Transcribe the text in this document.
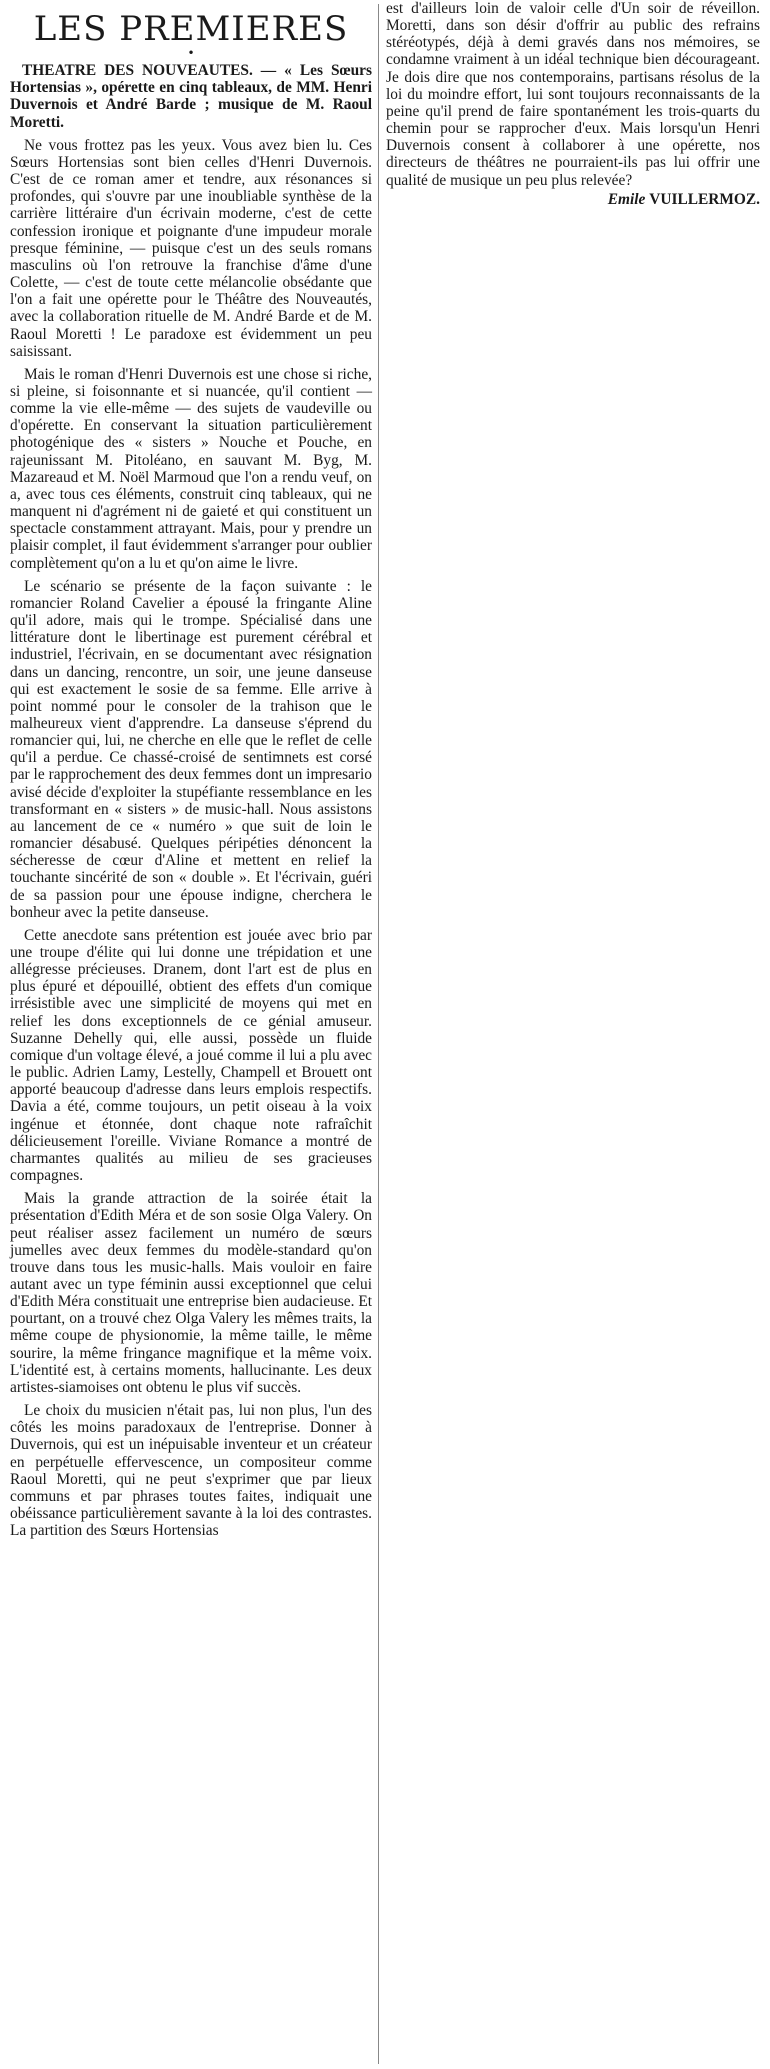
LES PREMIERES
•

THEATRE DES NOUVEAUTES. — « Les Sœurs Hortensias », opérette en cinq tableaux, de MM. Henri Duvernois et André Barde ; musique de M. Raoul Moretti.

Ne vous frottez pas les yeux. Vous avez bien lu. Ces Sœurs Hortensias sont bien celles d'Henri Duvernois. C'est de ce roman amer et tendre, aux résonances si profondes, qui s'ouvre par une inoubliable synthèse de la carrière littéraire d'un écrivain moderne, c'est de cette confession ironique et poignante d'une impudeur morale presque féminine, — puisque c'est un des seuls romans masculins où l'on retrouve la franchise d'âme d'une Colette, — c'est de toute cette mélancolie obsédante que l'on a fait une opérette pour le Théâtre des Nouveautés, avec la collaboration rituelle de M. André Barde et de M. Raoul Moretti ! Le paradoxe est évidemment un peu saisissant.

Mais le roman d'Henri Duvernois est une chose si riche, si pleine, si foisonnante et si nuancée, qu'il contient — comme la vie elle-même — des sujets de vaudeville ou d'opérette. En conservant la situation particulièrement photogénique des « sisters » Nouche et Pouche, en rajeunissant M. Pitoléano, en sauvant M. Byg, M. Mazareaud et M. Noël Marmoud que l'on a rendu veuf, on a, avec tous ces éléments, construit cinq tableaux, qui ne manquent ni d'agrément ni de gaieté et qui constituent un spectacle constamment attrayant. Mais, pour y prendre un plaisir complet, il faut évidemment s'arranger pour oublier complètement qu'on a lu et qu'on aime le livre.

Le scénario se présente de la façon suivante : le romancier Roland Cavelier a épousé la fringante Aline qu'il adore, mais qui le trompe. Spécialisé dans une littérature dont le libertinage est purement cérébral et industriel, l'écrivain, en se documentant avec résignation dans un dancing, rencontre, un soir, une jeune danseuse qui est exactement le sosie de sa femme. Elle arrive à point nommé pour le consoler de la trahison que le malheureux vient d'apprendre. La danseuse s'éprend du romancier qui, lui, ne cherche en elle que le reflet de celle qu'il a perdue. Ce chassé-croisé de sentimnets est corsé par le rapprochement des deux femmes dont un impresario avisé décide d'exploiter la stupéfiante ressemblance en les transformant en « sisters » de music-hall. Nous assistons au lancement de ce « numéro » que suit de loin le romancier désabusé. Quelques péripéties dénoncent la sécheresse de cœur d'Aline et mettent en relief la touchante sincérité de son « double ». Et l'écrivain, guéri de sa passion pour une épouse indigne, cherchera le bonheur avec la petite danseuse.

Cette anecdote sans prétention est jouée avec brio par une troupe d'élite qui lui donne une trépidation et une allégresse précieuses. Dranem, dont l'art est de plus en plus épuré et dépouillé, obtient des effets d'un comique irrésistible avec une simplicité de moyens qui met en relief les dons exceptionnels de ce génial amuseur. Suzanne Dehelly qui, elle aussi, possède un fluide comique d'un voltage élevé, a joué comme il lui a plu avec le public. Adrien Lamy, Lestelly, Champell et Brouett ont apporté beaucoup d'adresse dans leurs emplois respectifs. Davia a été, comme toujours, un petit oiseau à la voix ingénue et étonnée, dont chaque note rafraîchit délicieusement l'oreille. Viviane Romance a montré de charmantes qualités au milieu de ses gracieuses compagnes.

Mais la grande attraction de la soirée était la présentation d'Edith Méra et de son sosie Olga Valery. On peut réaliser assez facilement un numéro de sœurs jumelles avec deux femmes du modèle-standard qu'on trouve dans tous les music-halls. Mais vouloir en faire autant avec un type féminin aussi exceptionnel que celui d'Edith Méra constituait une entreprise bien audacieuse. Et pourtant, on a trouvé chez Olga Valery les mêmes traits, la même coupe de physionomie, la même taille, le même sourire, la même fringance magnifique et la même voix. L'identité est, à certains moments, hallucinante. Les deux artistes-siamoises ont obtenu le plus vif succès.

Le choix du musicien n'était pas, lui non plus, l'un des côtés les moins paradoxaux de l'entreprise. Donner à Duvernois, qui est un inépuisable inventeur et un créateur en perpétuelle effervescence, un compositeur comme Raoul Moretti, qui ne peut s'exprimer que par lieux communs et par phrases toutes faites, indiquait une obéissance particulièrement savante à la loi des contrastes. La partition des Sœurs Hortensias

est d'ailleurs loin de valoir celle d'Un soir de réveillon. Moretti, dans son désir d'offrir au public des refrains stéréotypés, déjà à demi gravés dans nos mémoires, se condamne vraiment à un idéal technique bien décourageant. Je dois dire que nos contemporains, partisans résolus de la loi du moindre effort, lui sont toujours reconnaissants de la peine qu'il prend de faire spontanément les trois-quarts du chemin pour se rapprocher d'eux. Mais lorsqu'un Henri Duvernois consent à collaborer à une opérette, nos directeurs de théâtres ne pourraient-ils pas lui offrir une qualité de musique un peu plus relevée?

Emile VUILLERMOZ.
